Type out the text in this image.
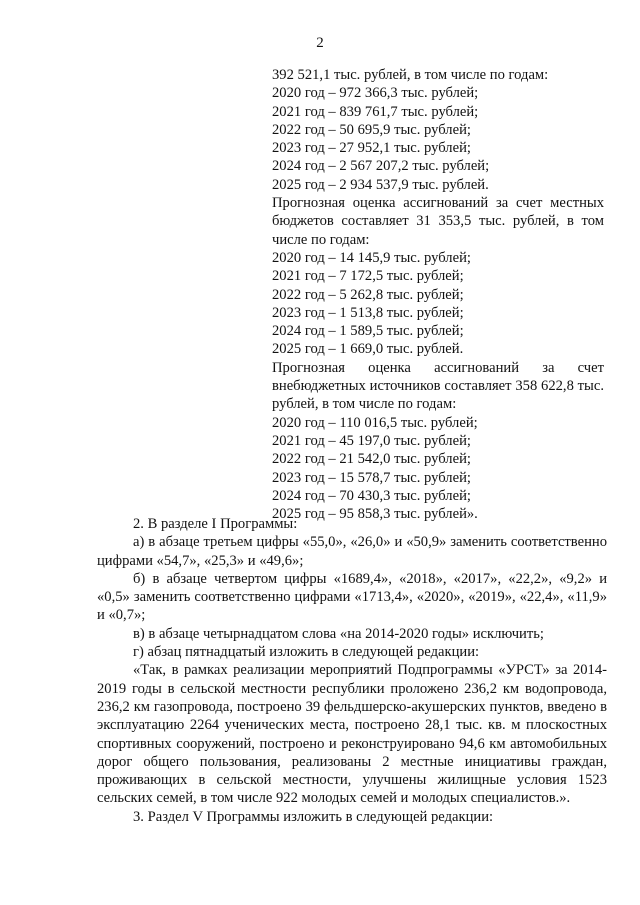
2
392 521,1 тыс. рублей, в том числе по годам:
2020 год – 972 366,3 тыс. рублей;
2021 год – 839 761,7 тыс. рублей;
2022 год – 50 695,9 тыс. рублей;
2023 год – 27 952,1 тыс. рублей;
2024 год – 2 567 207,2 тыс. рублей;
2025 год – 2 934 537,9 тыс. рублей.
Прогнозная оценка ассигнований за счет местных бюджетов составляет 31 353,5 тыс. рублей, в том числе по годам:
2020 год – 14 145,9 тыс. рублей;
2021 год – 7 172,5 тыс. рублей;
2022 год – 5 262,8 тыс. рублей;
2023 год – 1 513,8 тыс. рублей;
2024 год – 1 589,5 тыс. рублей;
2025 год – 1 669,0 тыс. рублей.
Прогнозная оценка ассигнований за счет внебюджетных источников составляет 358 622,8 тыс. рублей, в том числе по годам:
2020 год – 110 016,5 тыс. рублей;
2021 год – 45 197,0 тыс. рублей;
2022 год – 21 542,0 тыс. рублей;
2023 год – 15 578,7 тыс. рублей;
2024 год – 70 430,3 тыс. рублей;
2025 год – 95 858,3 тыс. рублей».

2. В разделе I Программы:

а) в абзаце третьем цифры «55,0», «26,0» и «50,9» заменить соответственно цифрами «54,7», «25,3» и «49,6»;

б) в абзаце четвертом цифры «1689,4», «2018», «2017», «22,2», «9,2» и «0,5» заменить соответственно цифрами «1713,4», «2020», «2019», «22,4», «11,9» и «0,7»;

в) в абзаце четырнадцатом слова «на 2014-2020 годы» исключить;

г) абзац пятнадцатый изложить в следующей редакции:

«Так, в рамках реализации мероприятий Подпрограммы «УРСТ» за 2014-2019 годы в сельской местности республики проложено 236,2 км водопровода, 236,2 км газопровода, построено 39 фельдшерско-акушерских пунктов, введено в эксплуатацию 2264 ученических места, построено 28,1 тыс. кв. м плоскостных спортивных сооружений, построено и реконструировано 94,6 км автомобильных дорог общего пользования, реализованы 2 местные инициативы граждан, проживающих в сельской местности, улучшены жилищные условия 1523 сельских семей, в том числе 922 молодых семей и молодых специалистов.».

3. Раздел V Программы изложить в следующей редакции:
